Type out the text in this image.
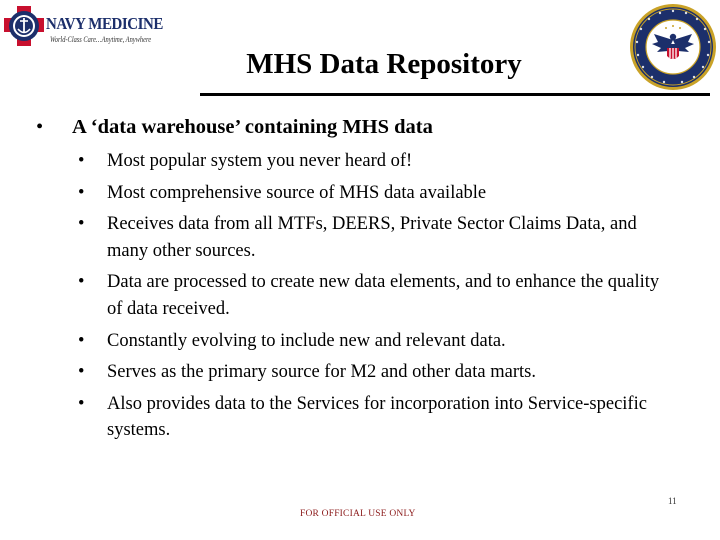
NAVY MEDICINE
World-Class Care…Anytime, Anywhere
MHS Data Repository
• A ‘data warehouse’ containing MHS data
• Most popular system you never heard of!
• Most comprehensive source of MHS data available
• Receives data from all MTFs, DEERS, Private Sector Claims Data, and many other sources.
• Data are processed to create new data elements, and to enhance the quality of data received.
• Constantly evolving to include new and relevant data.
• Serves as the primary source for M2 and other data marts.
• Also provides data to the Services for incorporation into Service-specific systems.
11
FOR OFFICIAL USE ONLY
